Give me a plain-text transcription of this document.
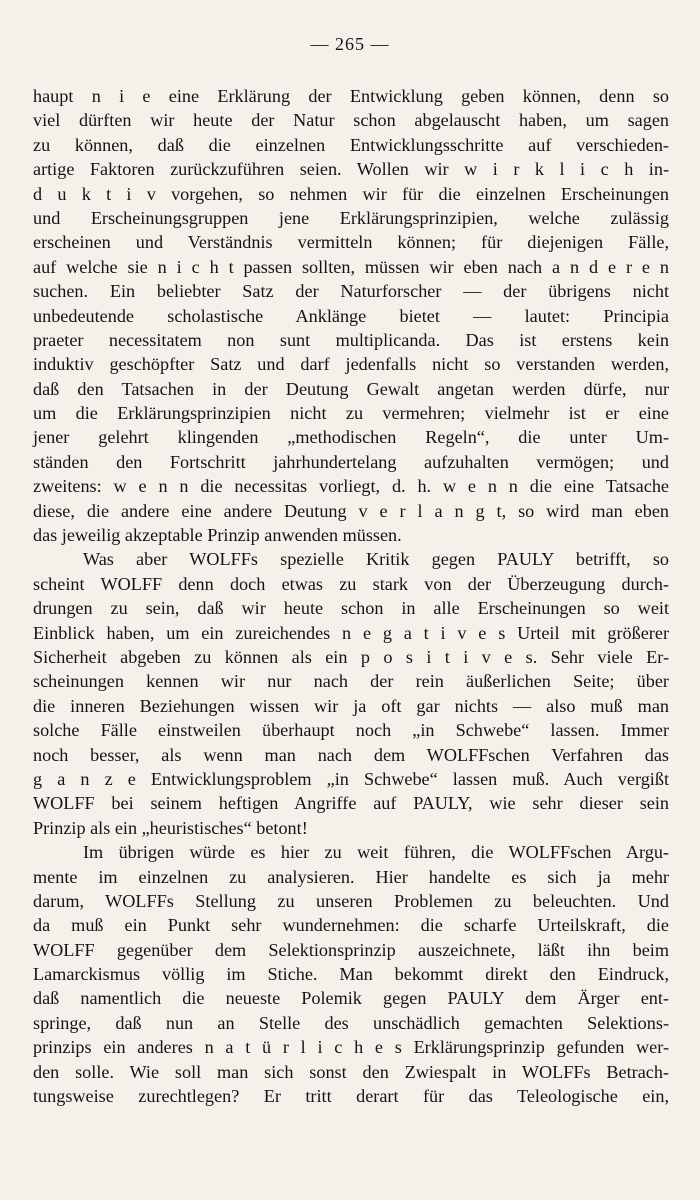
— 265 —
haupt n i e eine Erklärung der Entwicklung geben können, denn so
viel dürften wir heute der Natur schon abgelauscht haben, um sagen
zu können, daß die einzelnen Entwicklungsschritte auf verschieden-
artige Faktoren zurückzuführen seien. Wollen wir w i r k l i c h in-
d u k t i v vorgehen, so nehmen wir für die einzelnen Erscheinungen
und Erscheinungsgruppen jene Erklärungsprinzipien, welche zulässig
erscheinen und Verständnis vermitteln können; für diejenigen Fälle,
auf welche sie n i c h t passen sollten, müssen wir eben nach a n d e r e n
suchen. Ein beliebter Satz der Naturforscher — der übrigens nicht
unbedeutende scholastische Anklänge bietet — lautet: Principia
praeter necessitatem non sunt multiplicanda. Das ist erstens kein
induktiv geschöpfter Satz und darf jedenfalls nicht so verstanden werden,
daß den Tatsachen in der Deutung Gewalt angetan werden dürfe, nur
um die Erklärungsprinzipien nicht zu vermehren; vielmehr ist er eine
jener gelehrt klingenden „methodischen Regeln“, die unter Um-
ständen den Fortschritt jahrhundertelang aufzuhalten vermögen; und
zweitens: w e n n die necessitas vorliegt, d. h. w e n n die eine Tatsache
diese, die andere eine andere Deutung v e r l a n g t, so wird man eben
das jeweilig akzeptable Prinzip anwenden müssen.
Was aber WOLFFs spezielle Kritik gegen PAULY betrifft, so
scheint WOLFF denn doch etwas zu stark von der Überzeugung durch-
drungen zu sein, daß wir heute schon in alle Erscheinungen so weit
Einblick haben, um ein zureichendes n e g a t i v e s Urteil mit größerer
Sicherheit abgeben zu können als ein p o s i t i v e s. Sehr viele Er-
scheinungen kennen wir nur nach der rein äußerlichen Seite; über
die inneren Beziehungen wissen wir ja oft gar nichts — also muß man
solche Fälle einstweilen überhaupt noch „in Schwebe“ lassen. Immer
noch besser, als wenn man nach dem WOLFFschen Verfahren das
g a n z e Entwicklungsproblem „in Schwebe“ lassen muß. Auch vergißt
WOLFF bei seinem heftigen Angriffe auf PAULY, wie sehr dieser sein
Prinzip als ein „heuristisches“ betont!
Im übrigen würde es hier zu weit führen, die WOLFFschen Argu-
mente im einzelnen zu analysieren. Hier handelte es sich ja mehr
darum, WOLFFs Stellung zu unseren Problemen zu beleuchten. Und
da muß ein Punkt sehr wundernehmen: die scharfe Urteilskraft, die
WOLFF gegenüber dem Selektionsprinzip auszeichnete, läßt ihn beim
Lamarckismus völlig im Stiche. Man bekommt direkt den Eindruck,
daß namentlich die neueste Polemik gegen PAULY dem Ärger ent-
springe, daß nun an Stelle des unschädlich gemachten Selektions-
prinzips ein anderes n a t ü r l i c h e s Erklärungsprinzip gefunden wer-
den solle. Wie soll man sich sonst den Zwiespalt in WOLFFs Betrach-
tungsweise zurechtlegen? Er tritt derart für das Teleologische ein,
